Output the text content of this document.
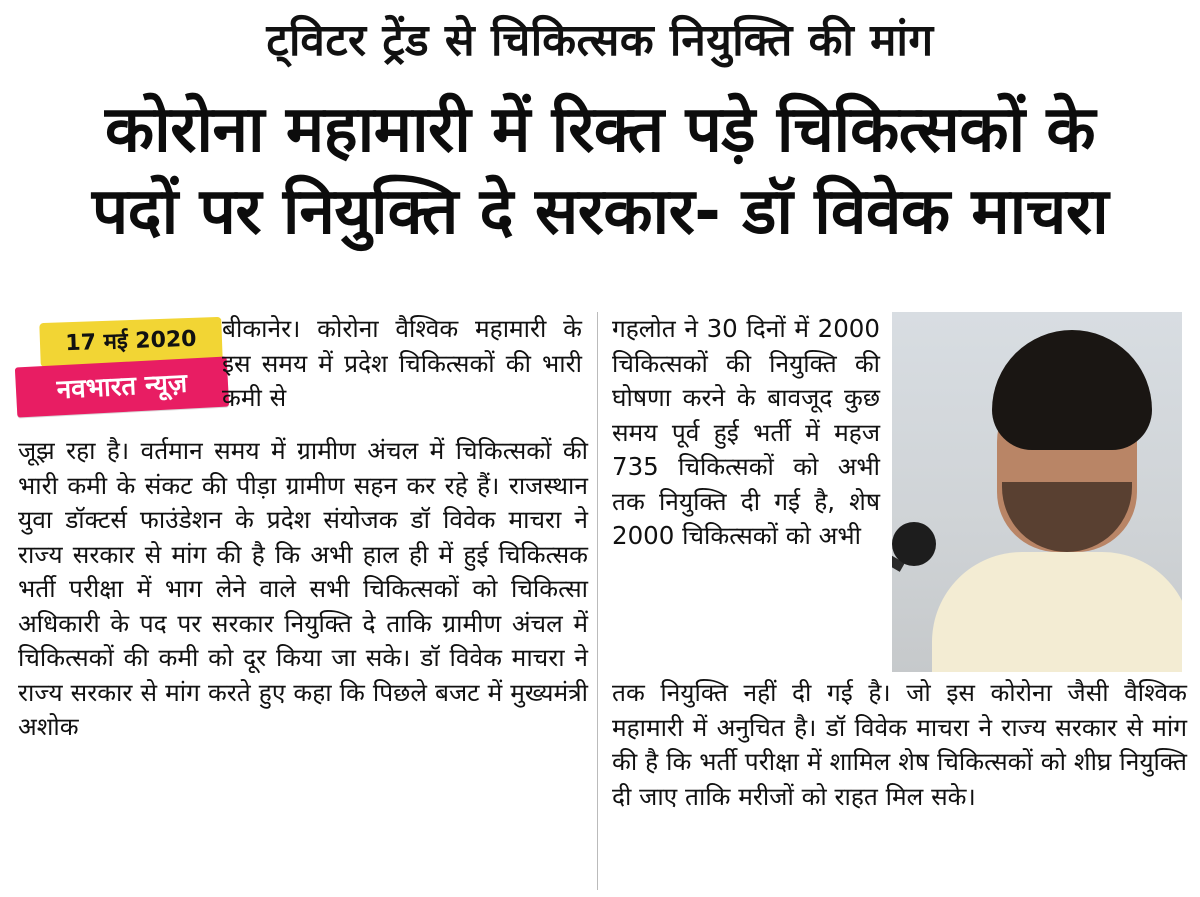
ट्विटर ट्रेंड से चिकित्सक नियुक्ति की मांग
कोरोना महामारी में रिक्त पड़े चिकित्सकों के
पदों पर नियुक्ति दे सरकार- डॉ विवेक माचरा
17 मई 2020
नवभारत न्यूज़

बीकानेर। कोरोना वैश्विक महामारी के इस समय में प्रदेश चिकित्सकों की भारी कमी से

जूझ रहा है। वर्तमान समय में ग्रामीण अंचल में चिकित्सकों की भारी कमी के संकट की पीड़ा ग्रामीण सहन कर रहे हैं। राजस्थान युवा डॉक्टर्स फाउंडेशन के प्रदेश संयोजक डॉ विवेक माचरा ने राज्य सरकार से मांग की है कि अभी हाल ही में हुई चिकित्सक भर्ती परीक्षा में भाग लेने वाले सभी चिकित्सकों को चिकित्सा अधिकारी के पद पर सरकार नियुक्ति दे ताकि ग्रामीण अंचल में चिकित्सकों की कमी को दूर किया जा सके। डॉ विवेक माचरा ने राज्य सरकार से मांग करते हुए कहा कि पिछले बजट में मुख्यमंत्री अशोक

गहलोत ने 30 दिनों में 2000 चिकित्सकों की नियुक्ति की घोषणा करने के बावजूद कुछ समय पूर्व हुई भर्ती में महज 735 चिकित्सकों को अभी तक नियुक्ति दी गई है, शेष 2000 चिकित्सकों को अभी

तक नियुक्ति नहीं दी गई है। जो इस कोरोना जैसी वैश्विक महामारी में अनुचित है। डॉ विवेक माचरा ने राज्य सरकार से मांग की है कि भर्ती परीक्षा में शामिल शेष चिकित्सकों को शीघ्र नियुक्ति दी जाए ताकि मरीजों को राहत मिल सके।
